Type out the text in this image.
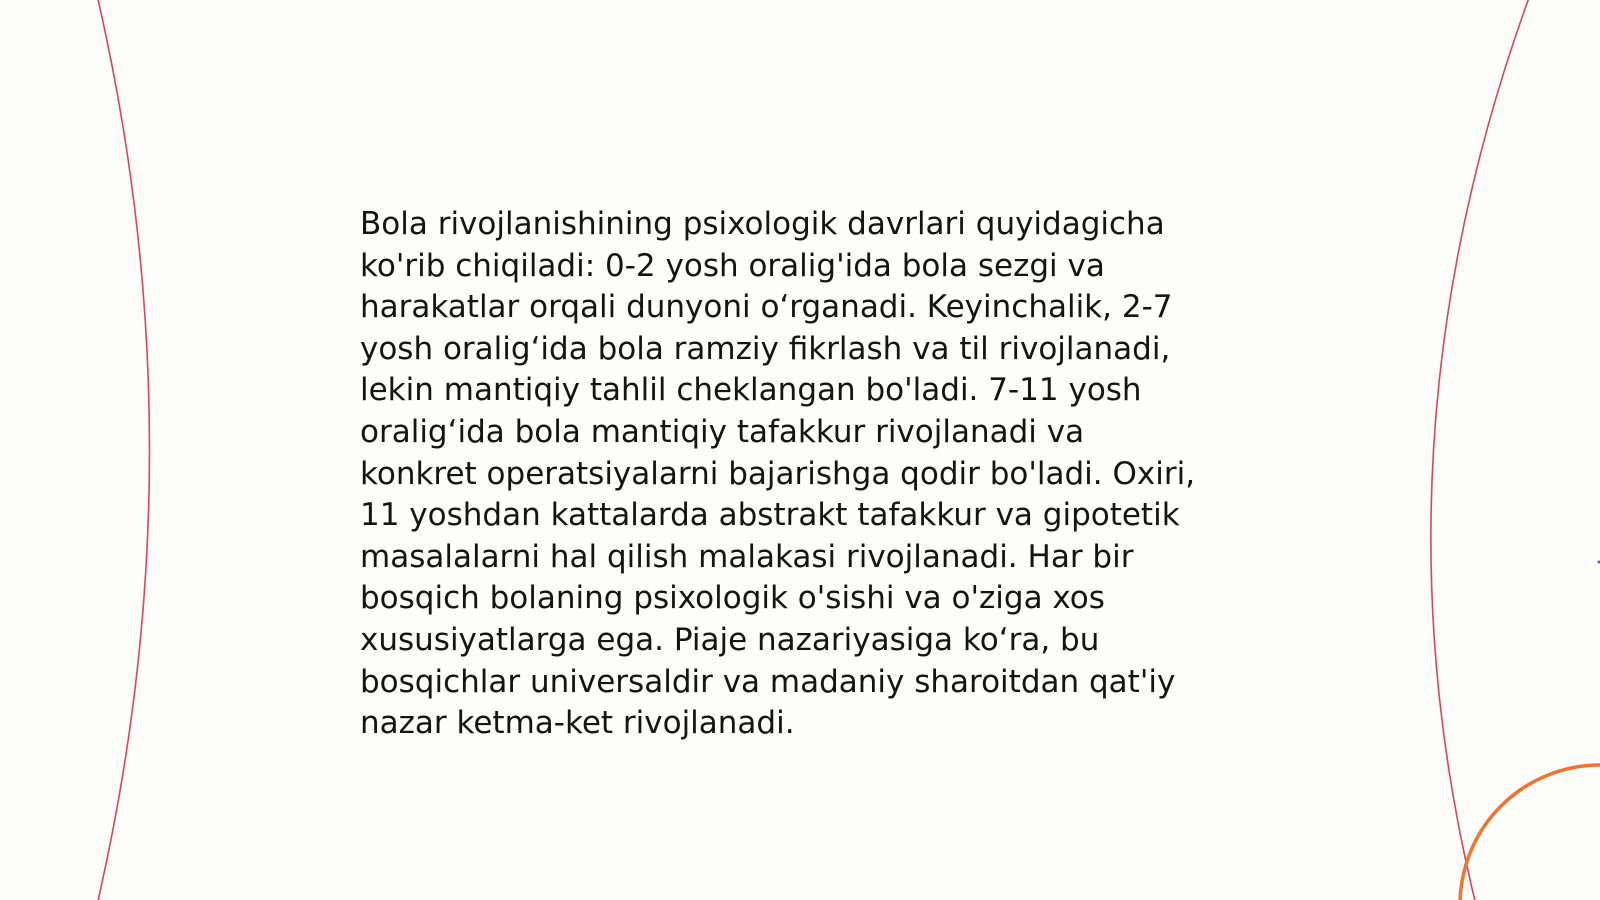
Bola rivojlanishining psixologik davrlari quyidagicha
ko'rib chiqiladi: 0-2 yosh oralig'ida bola sezgi va
harakatlar orqali dunyoni o‘rganadi. Keyinchalik, 2-7
yosh oralig‘ida bola ramziy fikrlash va til rivojlanadi,
lekin mantiqiy tahlil cheklangan bo'ladi. 7-11 yosh
oralig‘ida bola mantiqiy tafakkur rivojlanadi va
konkret operatsiyalarni bajarishga qodir bo'ladi. Oxiri,
11 yoshdan kattalarda abstrakt tafakkur va gipotetik
masalalarni hal qilish malakasi rivojlanadi. Har bir
bosqich bolaning psixologik o'sishi va o'ziga xos
xususiyatlarga ega. Piaje nazariyasiga ko‘ra, bu
bosqichlar universaldir va madaniy sharoitdan qat'iy
nazar ketma-ket rivojlanadi.
